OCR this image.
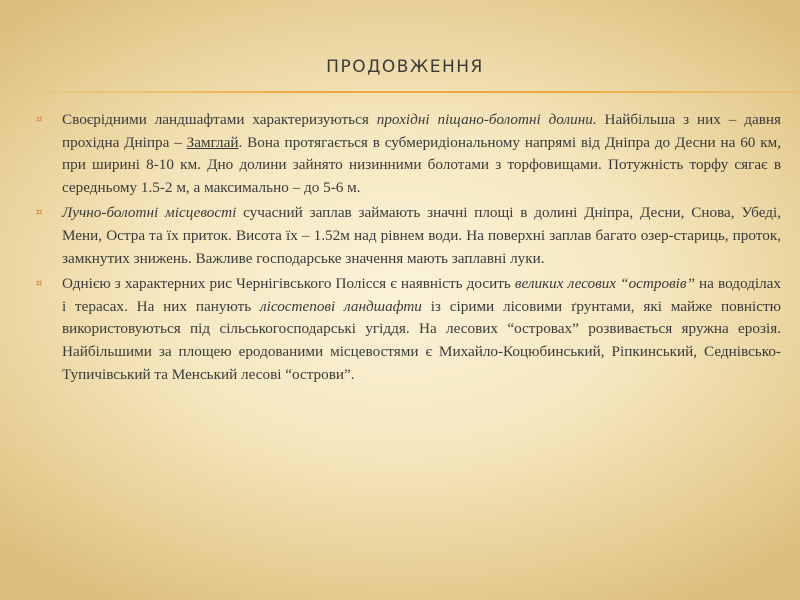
продовження
¤	Своєрідними ландшафтами характеризуються прохідні піщано-болотні долини. Найбільша з них – давня прохідна Дніпра – Замглай. Вона протягається в субмеридіональному напрямі від Дніпра до Десни на 60 км, при ширині 8-10 км. Дно долини зайнято низинними болотами з торфовищами. Потужність торфу сягає в середньому 1.5-2 м, а максимально – до 5-6 м.
¤	Лучно-болотні місцевості сучасний заплав займають значні площі в долині Дніпра, Десни, Снова, Убеді, Мени, Остра та їх приток. Висота їх – 1.52м над рівнем води. На поверхні заплав багато озер-стариць, проток, замкнутих знижень. Важливе господарське значення мають заплавні луки.
¤	Однією з характерних рис Чернігівського Полісся є наявність досить великих лесових “островів” на вододілах і терасах. На них панують лісостепові ландшафти із сірими лісовими ґрунтами, які майже повністю використовуються під сільськогосподарські угіддя. На лесових “островах” розвивається яружна ерозія. Найбільшими за площею еродованими місцевостями є Михайло-Коцюбинський, Ріпкинський, Седнівсько-Тупичівський та Менський лесові “острови”.
